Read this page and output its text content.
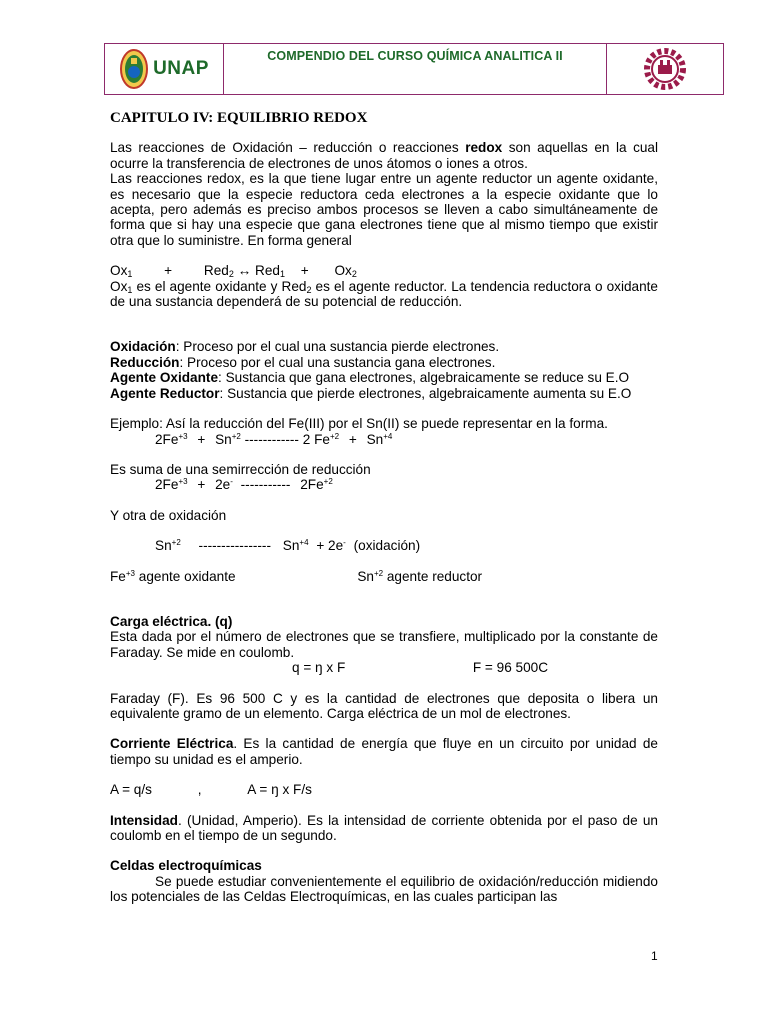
UNAP
COMPENDIO DEL CURSO QUÍMICA ANALITICA II
CAPITULO IV: EQUILIBRIO REDOX

Las reacciones de Oxidación – reducción o reacciones redox son aquellas en la cual ocurre la transferencia de electrones de unos átomos o iones a otros.

Las reacciones redox, es la que tiene lugar entre un agente reductor un agente oxidante, es necesario que la especie reductora ceda electrones a la especie oxidante que lo acepta, pero además es preciso ambos procesos se lleven a cabo simultáneamente de forma que si hay una especie que gana electrones tiene que al mismo tiempo que existir otra que lo suministre. En forma general

$Ox_1 + Red_2$ ↔ $Red_1 + Ox_2$

$Ox_1$ es el agente oxidante y Red$_2$ es el agente reductor. La tendencia reductora o oxidante de una sustancia dependerá de su potencial de reducción.

Oxidación: Proceso por el cual una sustancia pierde electrones.

Reducción: Proceso por el cual una sustancia gana electrones.

Agente Oxidante: Sustancia que gana electrones, algebraicamente se reduce su E.O

Agente Reductor: Sustancia que pierde electrones, algebraicamente aumenta su E.O

Ejemplo: Así la reducción del Fe(III) por el Sn(II) se puede representar en la forma.

$2Fe^{+3} + Sn^{+2}$ ------------ 2 $Fe^{+2} + Sn^{+4}$

Es suma de una semirrección de reducción

$2Fe^{+3} + 2e^-$ ----------- $2Fe^{+2}$

Y otra de oxidación

$Sn^{+2}$ ---------------- $Sn^{+4} + 2e^-$ (oxidación)

$Fe^{+3}$ agente oxidante	$Sn^{+2}$ agente reductor

Carga eléctrica. (q)

Esta dada por el número de electrones que se transfiere, multiplicado por la constante de Faraday. Se mide en coulomb.

q = ŋ x F	F = 96 500C

Faraday (F). Es 96 500 C y es la cantidad de electrones que deposita o libera un equivalente gramo de un elemento. Carga eléctrica de un mol de electrones.

Corriente Eléctrica. Es la cantidad de energía que fluye en un circuito por unidad de tiempo su unidad es el amperio.

A = q/s	,	A = ŋ x F/s

Intensidad. (Unidad, Amperio). Es la intensidad de corriente obtenida por el paso de un coulomb en el tiempo de un segundo.

Celdas electroquímicas

Se puede estudiar convenientemente el equilibrio de oxidación/reducción midiendo los potenciales de las Celdas Electroquímicas, en las cuales participan las

1
